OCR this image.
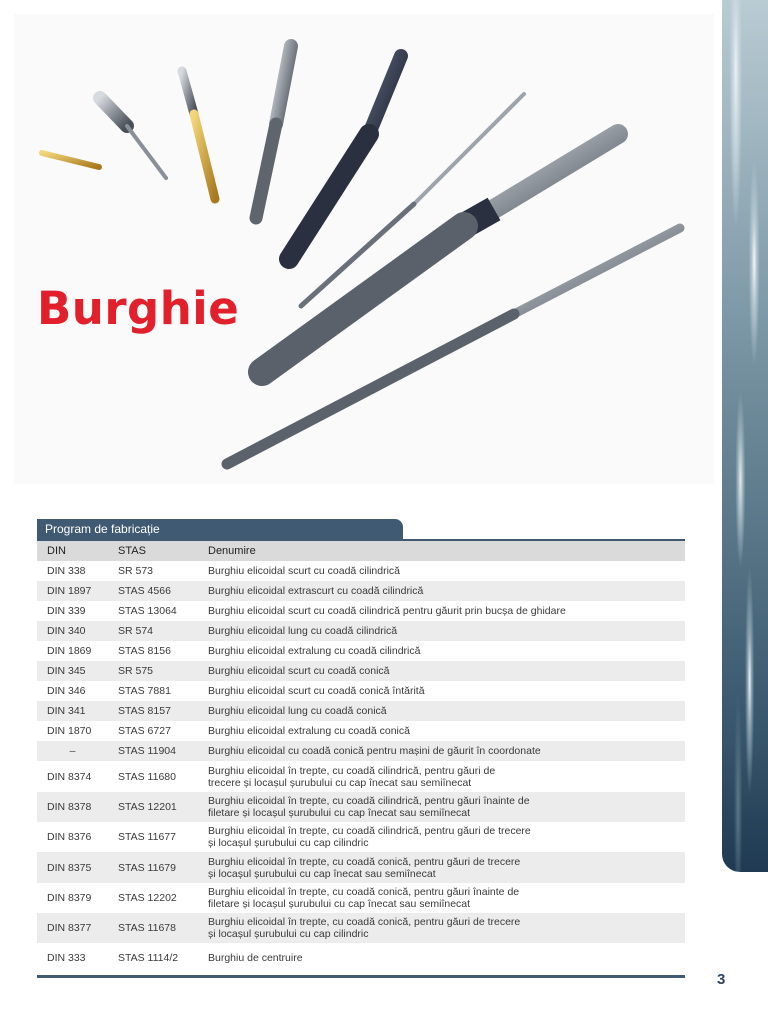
Burghie
Program de fabricație
DIN	STAS	Denumire
DIN 338	SR 573	Burghiu elicoidal scurt cu coadă cilindrică
DIN 1897	STAS 4566	Burghiu elicoidal extrascurt cu coadă cilindrică
DIN 339	STAS 13064	Burghiu elicoidal scurt cu coadă cilindrică pentru găurit prin bucșa de ghidare
DIN 340	SR 574	Burghiu elicoidal lung cu coadă cilindrică
DIN 1869	STAS 8156	Burghiu elicoidal extralung cu coadă cilindrică
DIN 345	SR 575	Burghiu elicoidal scurt cu coadă conică
DIN 346	STAS 7881	Burghiu elicoidal scurt cu coadă conică întărită
DIN 341	STAS 8157	Burghiu elicoidal lung cu coadă conică
DIN 1870	STAS 6727	Burghiu elicoidal extralung cu coadă conică
–	STAS 11904	Burghiu elicoidal cu coadă conică pentru mașini de găurit în coordonate
DIN 8374	STAS 11680	Burghiu elicoidal în trepte, cu coadă cilindrică, pentru găuri de
trecere și locașul șurubului cu cap înecat sau semiînecat
DIN 8378	STAS 12201	Burghiu elicoidal în trepte, cu coadă cilindrică, pentru găuri înainte de
filetare și locașul șurubului cu cap înecat sau semiînecat
DIN 8376	STAS 11677	Burghiu elicoidal în trepte, cu coadă cilindrică, pentru găuri de trecere
și locașul șurubului cu cap cilindric
DIN 8375	STAS 11679	Burghiu elicoidal în trepte, cu coadă conică, pentru găuri de trecere
și locașul șurubului cu cap înecat sau semiînecat
DIN 8379	STAS 12202	Burghiu elicoidal în trepte, cu coadă conică, pentru găuri înainte de
filetare și locașul șurubului cu cap înecat sau semiînecat
DIN 8377	STAS 11678	Burghiu elicoidal în trepte, cu coadă conică, pentru găuri de trecere
și locașul șurubului cu cap cilindric
DIN 333	STAS 1114/2	Burghiu de centruire
3
